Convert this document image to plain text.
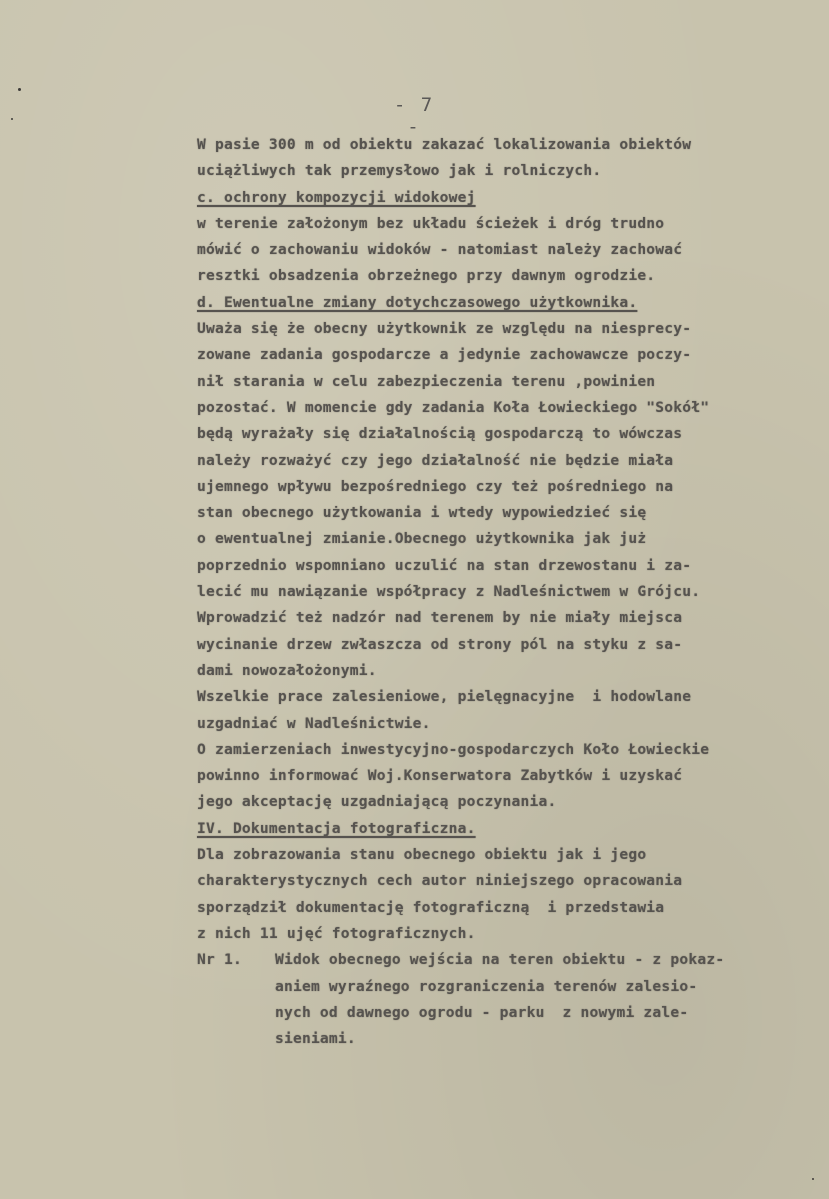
- 7 -
W pasie 300 m od obiektu zakazać lokalizowania obiektów
uciążliwych tak przemysłowo jak i rolniczych.
c. ochrony kompozycji widokowej
w terenie założonym bez układu ścieżek i dróg trudno
mówić o zachowaniu widoków - natomiast należy zachować
resztki obsadzenia obrzeżnego przy dawnym ogrodzie.
d. Ewentualne zmiany dotychczasowego użytkownika.
Uważa się że obecny użytkownik ze względu na niesprecy-
zowane zadania gospodarcze a jedynie zachowawcze poczy-
nił starania w celu zabezpieczenia terenu ,powinien
pozostać. W momencie gdy zadania Koła Łowieckiego "Sokół"
będą wyrażały się działalnością gospodarczą to wówczas
należy rozważyć czy jego działalność nie będzie miała
ujemnego wpływu bezpośredniego czy też pośredniego na
stan obecnego użytkowania i wtedy wypowiedzieć się
o ewentualnej zmianie.Obecnego użytkownika jak już
poprzednio wspomniano uczulić na stan drzewostanu i za-
lecić mu nawiązanie współpracy z Nadleśnictwem w Grójcu.
Wprowadzić też nadzór nad terenem by nie miały miejsca
wycinanie drzew zwłaszcza od strony pól na styku z sa-
dami nowozałożonymi.
Wszelkie prace zalesieniowe, pielęgnacyjne  i hodowlane
uzgadniać w Nadleśnictwie.
O zamierzeniach inwestycyjno-gospodarczych Koło Łowieckie
powinno informować Woj.Konserwatora Zabytków i uzyskać
jego akceptację uzgadniającą poczynania.
IV. Dokumentacja fotograficzna.
Dla zobrazowania stanu obecnego obiektu jak i jego
charakterystycznych cech autor niniejszego opracowania
sporządził dokumentację fotograficzną  i przedstawia
z nich 11 ujęć fotograficznych.
Nr 1. Widok obecnego wejścia na teren obiektu - z pokaz-
aniem wyraźnego rozgraniczenia terenów zalesio-
nych od dawnego ogrodu - parku  z nowymi zale-
sieniami.
